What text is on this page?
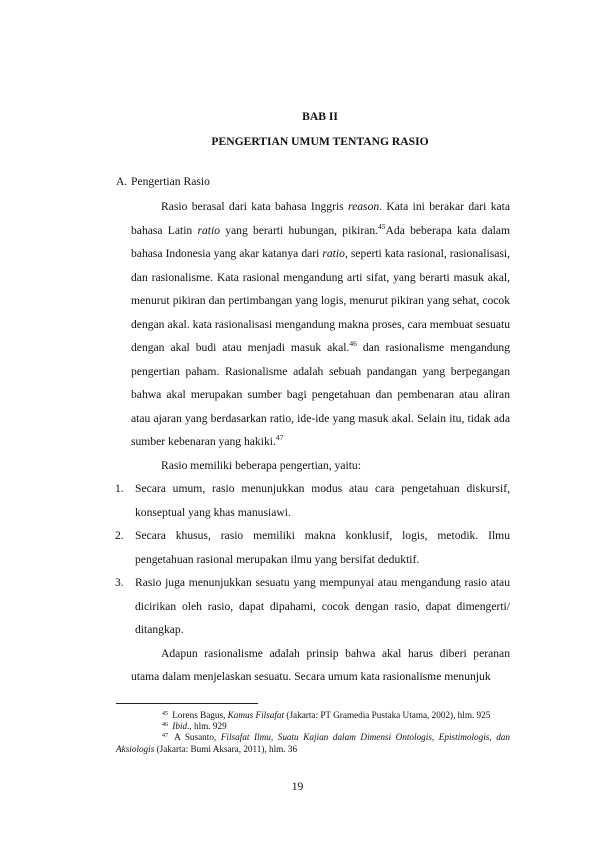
BAB II
PENGERTIAN UMUM TENTANG RASIO
A. Pengertian Rasio

Rasio berasal dari kata bahasa Inggris reason. Kata ini berakar dari kata bahasa Latin ratio yang berarti hubungan, pikiran.$^{45}$Ada beberapa kata dalam bahasa Indonesia yang akar katanya dari ratio, seperti kata rasional, rasionalisasi, dan rasionalisme. Kata rasional mengandung arti sifat, yang berarti masuk akal, menurut pikiran dan pertimbangan yang logis, menurut pikiran yang sehat, cocok dengan akal. kata rasionalisasi mengandung makna proses, cara membuat sesuatu dengan akal budi atau menjadi masuk akal.$^{46}$ dan rasionalisme mengandung pengertian paham. Rasionalisme adalah sebuah pandangan yang berpegangan bahwa akal merupakan sumber bagi pengetahuan dan pembenaran atau aliran atau ajaran yang berdasarkan ratio, ide-ide yang masuk akal. Selain itu, tidak ada sumber kebenaran yang hakiki.$^{47}$

Rasio memiliki beberapa pengertian, yaitu:

1. Secara umum, rasio menunjukkan modus atau cara pengetahuan diskursif, konseptual yang khas manusiawi.
2. Secara khusus, rasio memiliki makna konklusif, logis, metodik. Ilmu pengetahuan rasional merupakan ilmu yang bersifat deduktif.
3. Rasio juga menunjukkan sesuatu yang mempunyai atau mengandung rasio atau dicirikan oleh rasio, dapat dipahami, cocok dengan rasio, dapat dimengerti/ ditangkap.

Adapun rasionalisme adalah prinsip bahwa akal harus diberi peranan utama dalam menjelaskan sesuatu. Secara umum kata rasionalisme menunjuk

$^{45}$ Lorens Bagus, Kamus Filsafat (Jakarta: PT Gramedia Pustaka Utama, 2002), hlm. 925

$^{46}$ Ibid., hlm. 929

$^{47}$ A Susanto, Filsafat Ilmu, Suatu Kajian dalam Dimensi Ontologis, Epistimologis, dan Aksiologis (Jakarta: Bumi Aksara, 2011), hlm. 36

19
